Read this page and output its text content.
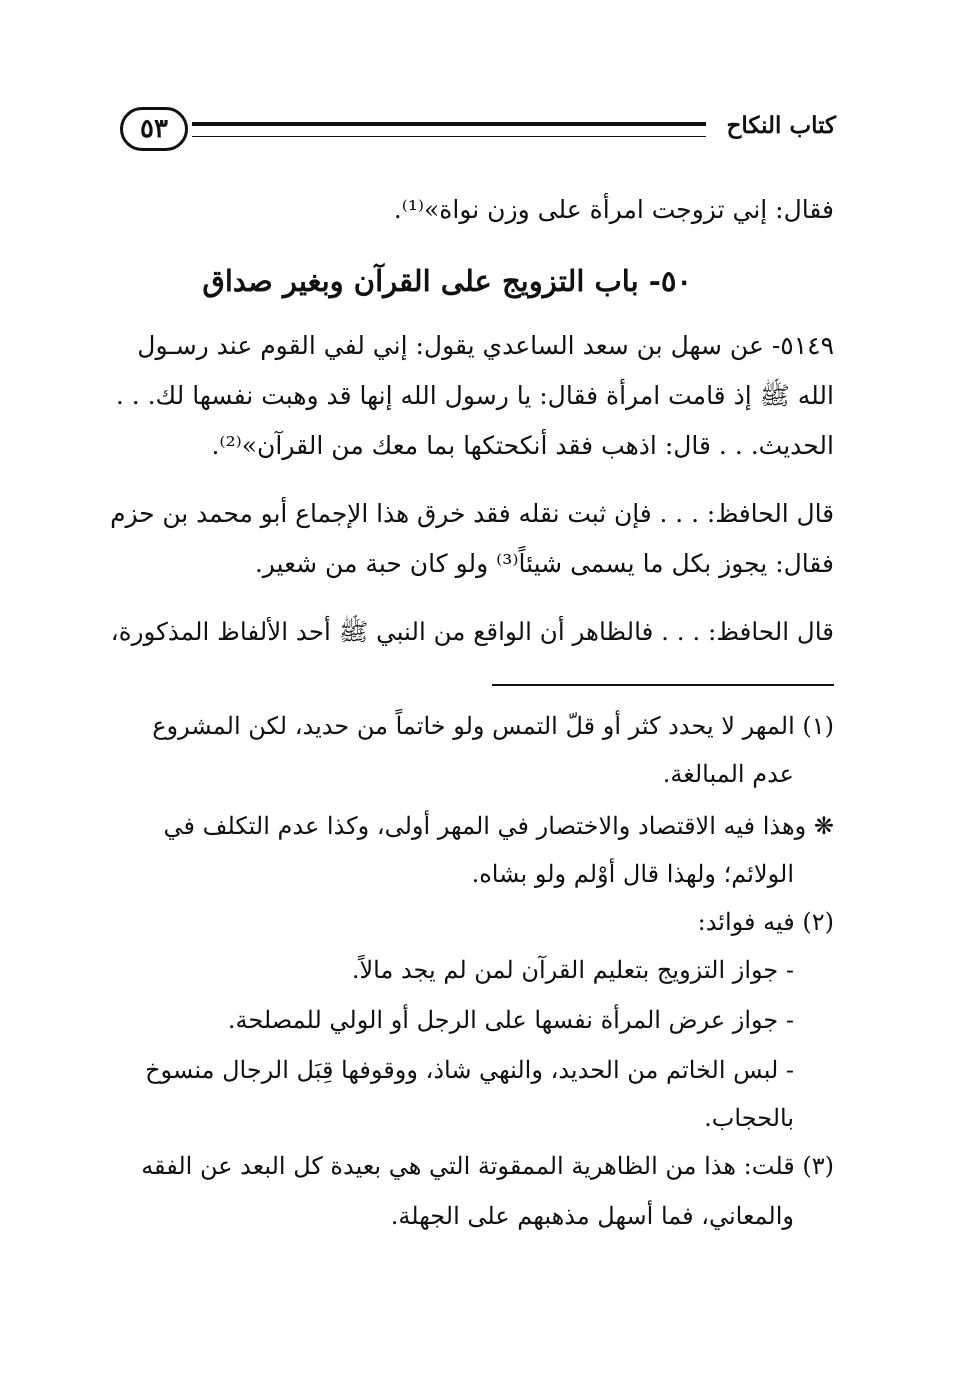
كتاب النكاح
٥٣
فقال: إني تزوجت امرأة على وزن نواة»⁽¹⁾.
٥٠- باب التزويج على القرآن وبغير صداق
٥١٤٩- عن سهل بن سعد الساعدي يقول: إني لفي القوم عند رسـول
الله ﷺ إذ قامت امرأة فقال: يا رسول الله إنها قد وهبت نفسها لك. . .
الحديث. . . قال: اذهب فقد أنكحتكها بما معك من القرآن»⁽²⁾.
قال الحافظ: . . . فإن ثبت نقله فقد خرق هذا الإجماع أبو محمد بن حزم
فقال: يجوز بكل ما يسمى شيئاً⁽³⁾ ولو كان حبة من شعير.
قال الحافظ: . . . فالظاهر أن الواقع من النبي ﷺ أحد الألفاظ المذكورة،
(١) المهر لا يحدد كثر أو قلّ التمس ولو خاتماً من حديد، لكن المشروع
عدم المبالغة.
❋ وهذا فيه الاقتصاد والاختصار في المهر أولى، وكذا عدم التكلف في
الولائم؛ ولهذا قال أوْلم ولو بشاه.
(٢) فيه فوائد:
- جواز التزويج بتعليم القرآن لمن لم يجد مالاً.
- جواز عرض المرأة نفسها على الرجل أو الولي للمصلحة.
- لبس الخاتم من الحديد، والنهي شاذ، ووقوفها قِبَل الرجال منسوخ
بالحجاب.
(٣) قلت: هذا من الظاهرية الممقوتة التي هي بعيدة كل البعد عن الفقه
والمعاني، فما أسهل مذهبهم على الجهلة.
